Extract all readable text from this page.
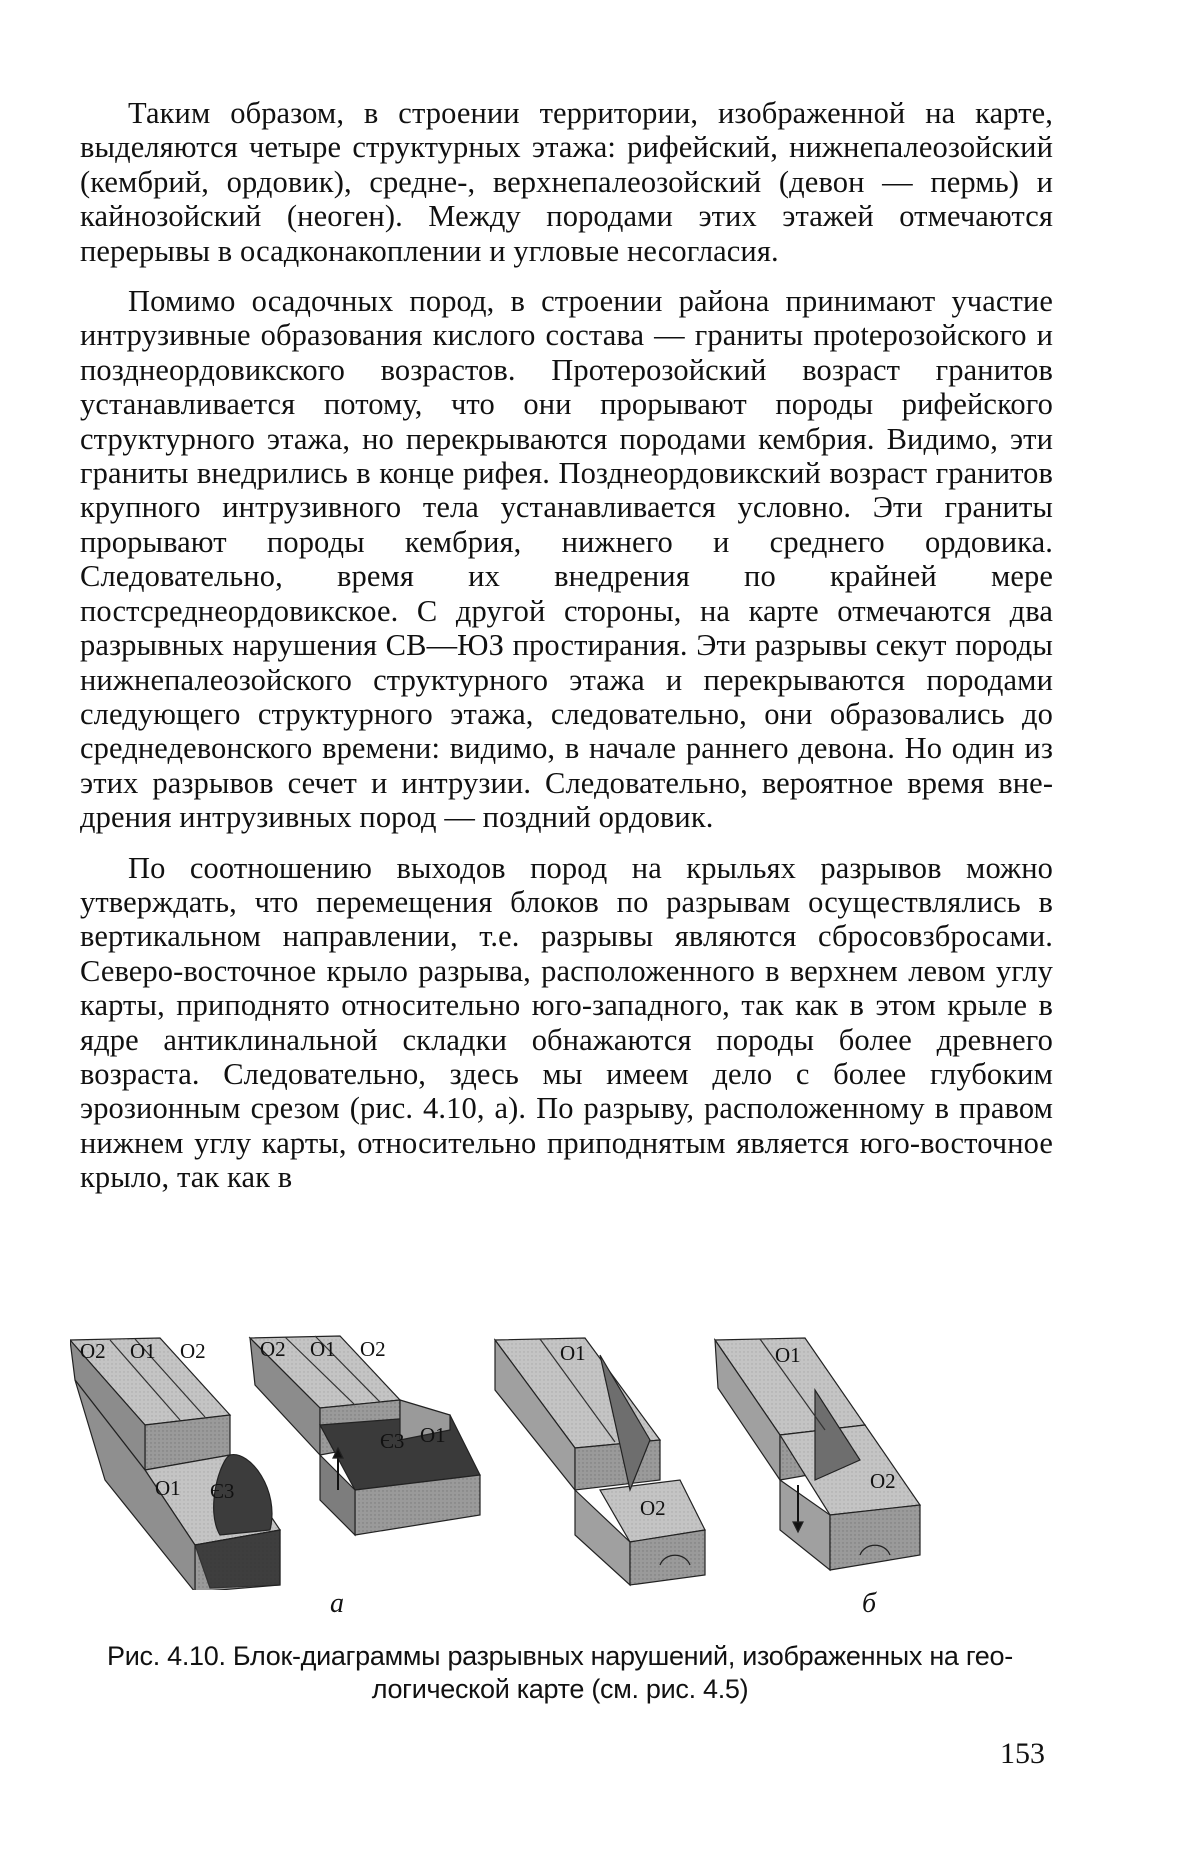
Таким образом, в строении территории, изображенной на карте, выделяются четыре структурных этажа: рифейский, нижнепалеозойский (кембрий, ордовик), средне-, верхнепалеозойский (девон — пермь) и кайнозойский (неоген). Между породами этих этажей отмечаются перерывы в осадконакоплении и угловые несогласия.

Помимо осадочных пород, в строении района принимают участие интрузивные образования кислого состава — граниты прoteрозойского и позднеордовикского возрастов. Протерозойский возраст гранитов устанавливается потому, что они прорывают породы рифейского структурного этажа, но перекрываются породами кембрия. Видимо, эти граниты внедрились в конце рифея. Позднеордовикский возраст гранитов крупного интрузивного тела устанавливается условно. Эти граниты прорывают породы кембрия, нижнего и среднего ордовика. Следовательно, время их внедрения по крайней мере постсреднеордовикское. С другой стороны, на карте отмечаются два разрывных нарушения СВ—ЮЗ простирания. Эти разрывы секут породы нижнепалеозойского структурного этажа и перекрываются породами следующего структурного этажа, следовательно, они образовались до среднедевонского времени: видимо, в начале раннего девона. Но один из этих разрывов сечет и интрузии. Следовательно, вероятное время внедрения интрузивных пород — поздний ордовик.

По соотношению выходов пород на крыльях разрывов можно утверждать, что перемещения блоков по разрывам осуществлялись в вертикальном направлении, т.е. разрывы являются сбросовзбросами. Северо-восточное крыло разрыва, расположенного в верхнем левом углу карты, приподнято относительно юго-западного, так как в этом крыле в ядре антиклинальной складки обнажаются породы более древнего возраста. Следовательно, здесь мы имеем дело с более глубоким эрозионным срезом (рис. 4.10, а). По разрыву, расположенному в правом нижнем углу карты, относительно приподнятым является юго-восточное крыло, так как в

O2 O1 O2
O1 Є3
O2 O1 O2
Є3 O1
O1
O2
O1
O2
а	б
Рис. 4.10. Блок-диаграммы разрывных нарушений, изображенных на гео-
логической карте (см. рис. 4.5)
153
